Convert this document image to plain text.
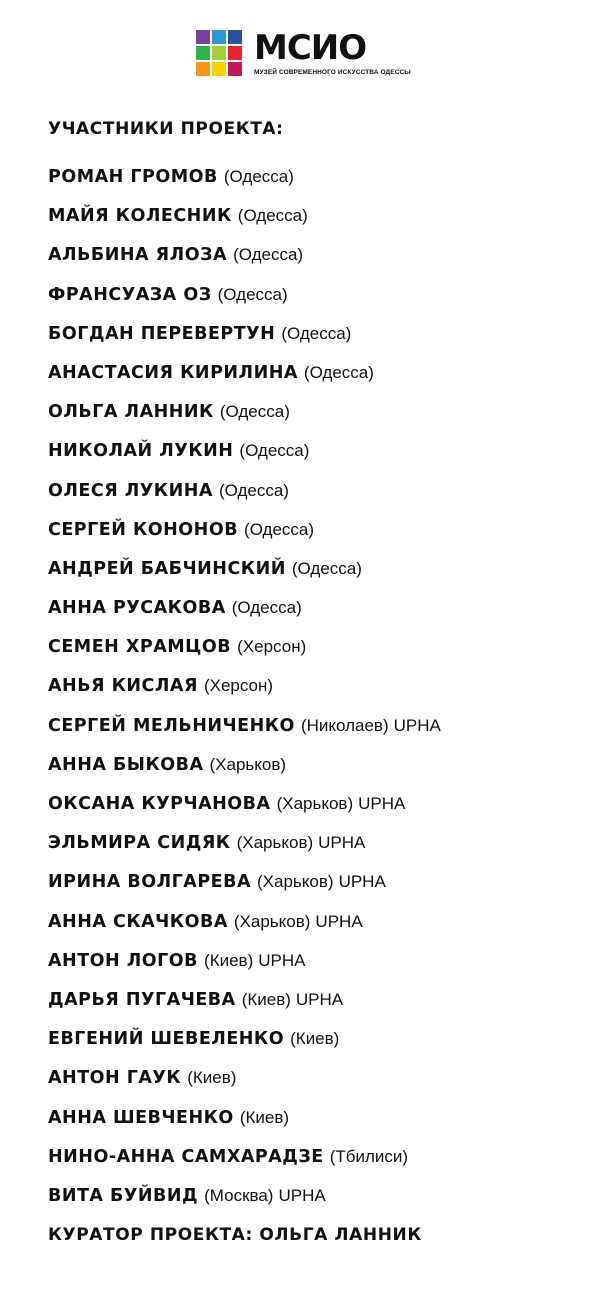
МСИО
МУЗЕЙ СОВРЕМЕННОГО ИСКУССТВА ОДЕССЫ
УЧАСТНИКИ ПРОЕКТА:
РОМАН ГРОМОВ (Одесса)
МАЙЯ КОЛЕСНИК (Одесса)
АЛЬБИНА ЯЛОЗА (Одесса)
ФРАНСУАЗА ОЗ (Одесса)
БОГДАН ПЕРЕВЕРТУН (Одесса)
АНАСТАСИЯ КИРИЛИНА (Одесса)
ОЛЬГА ЛАННИК (Одесса)
НИКОЛАЙ ЛУКИН (Одесса)
ОЛЕСЯ ЛУКИНА (Одесса)
СЕРГЕЙ КОНОНОВ (Одесса)
АНДРЕЙ БАБЧИНСКИЙ (Одесса)
АННА РУСАКОВА (Одесса)
СЕМЕН ХРАМЦОВ (Херсон)
АНЬЯ КИСЛАЯ (Херсон)
СЕРГЕЙ МЕЛЬНИЧЕНКО (Николаев) UPHA
АННА БЫКОВА (Харьков)
ОКСАНА КУРЧАНОВА (Харьков) UPHA
ЭЛЬМИРА СИДЯК (Харьков) UPHA
ИРИНА ВОЛГАРЕВА (Харьков) UPHA
АННА СКАЧКОВА (Харьков) UPHA
АНТОН ЛОГОВ (Киев) UPHA
ДАРЬЯ ПУГАЧЕВА (Киев) UPHA
ЕВГЕНИЙ ШЕВЕЛЕНКО (Киев)
АНТОН ГАУК (Киев)
АННА ШЕВЧЕНКО (Киев)
НИНО-АННА САМХАРАДЗЕ (Tбилиси)
ВИТА БУЙВИД (Москва) UPHA
КУРАТОР ПРОЕКТА: ОЛЬГА ЛАННИК
